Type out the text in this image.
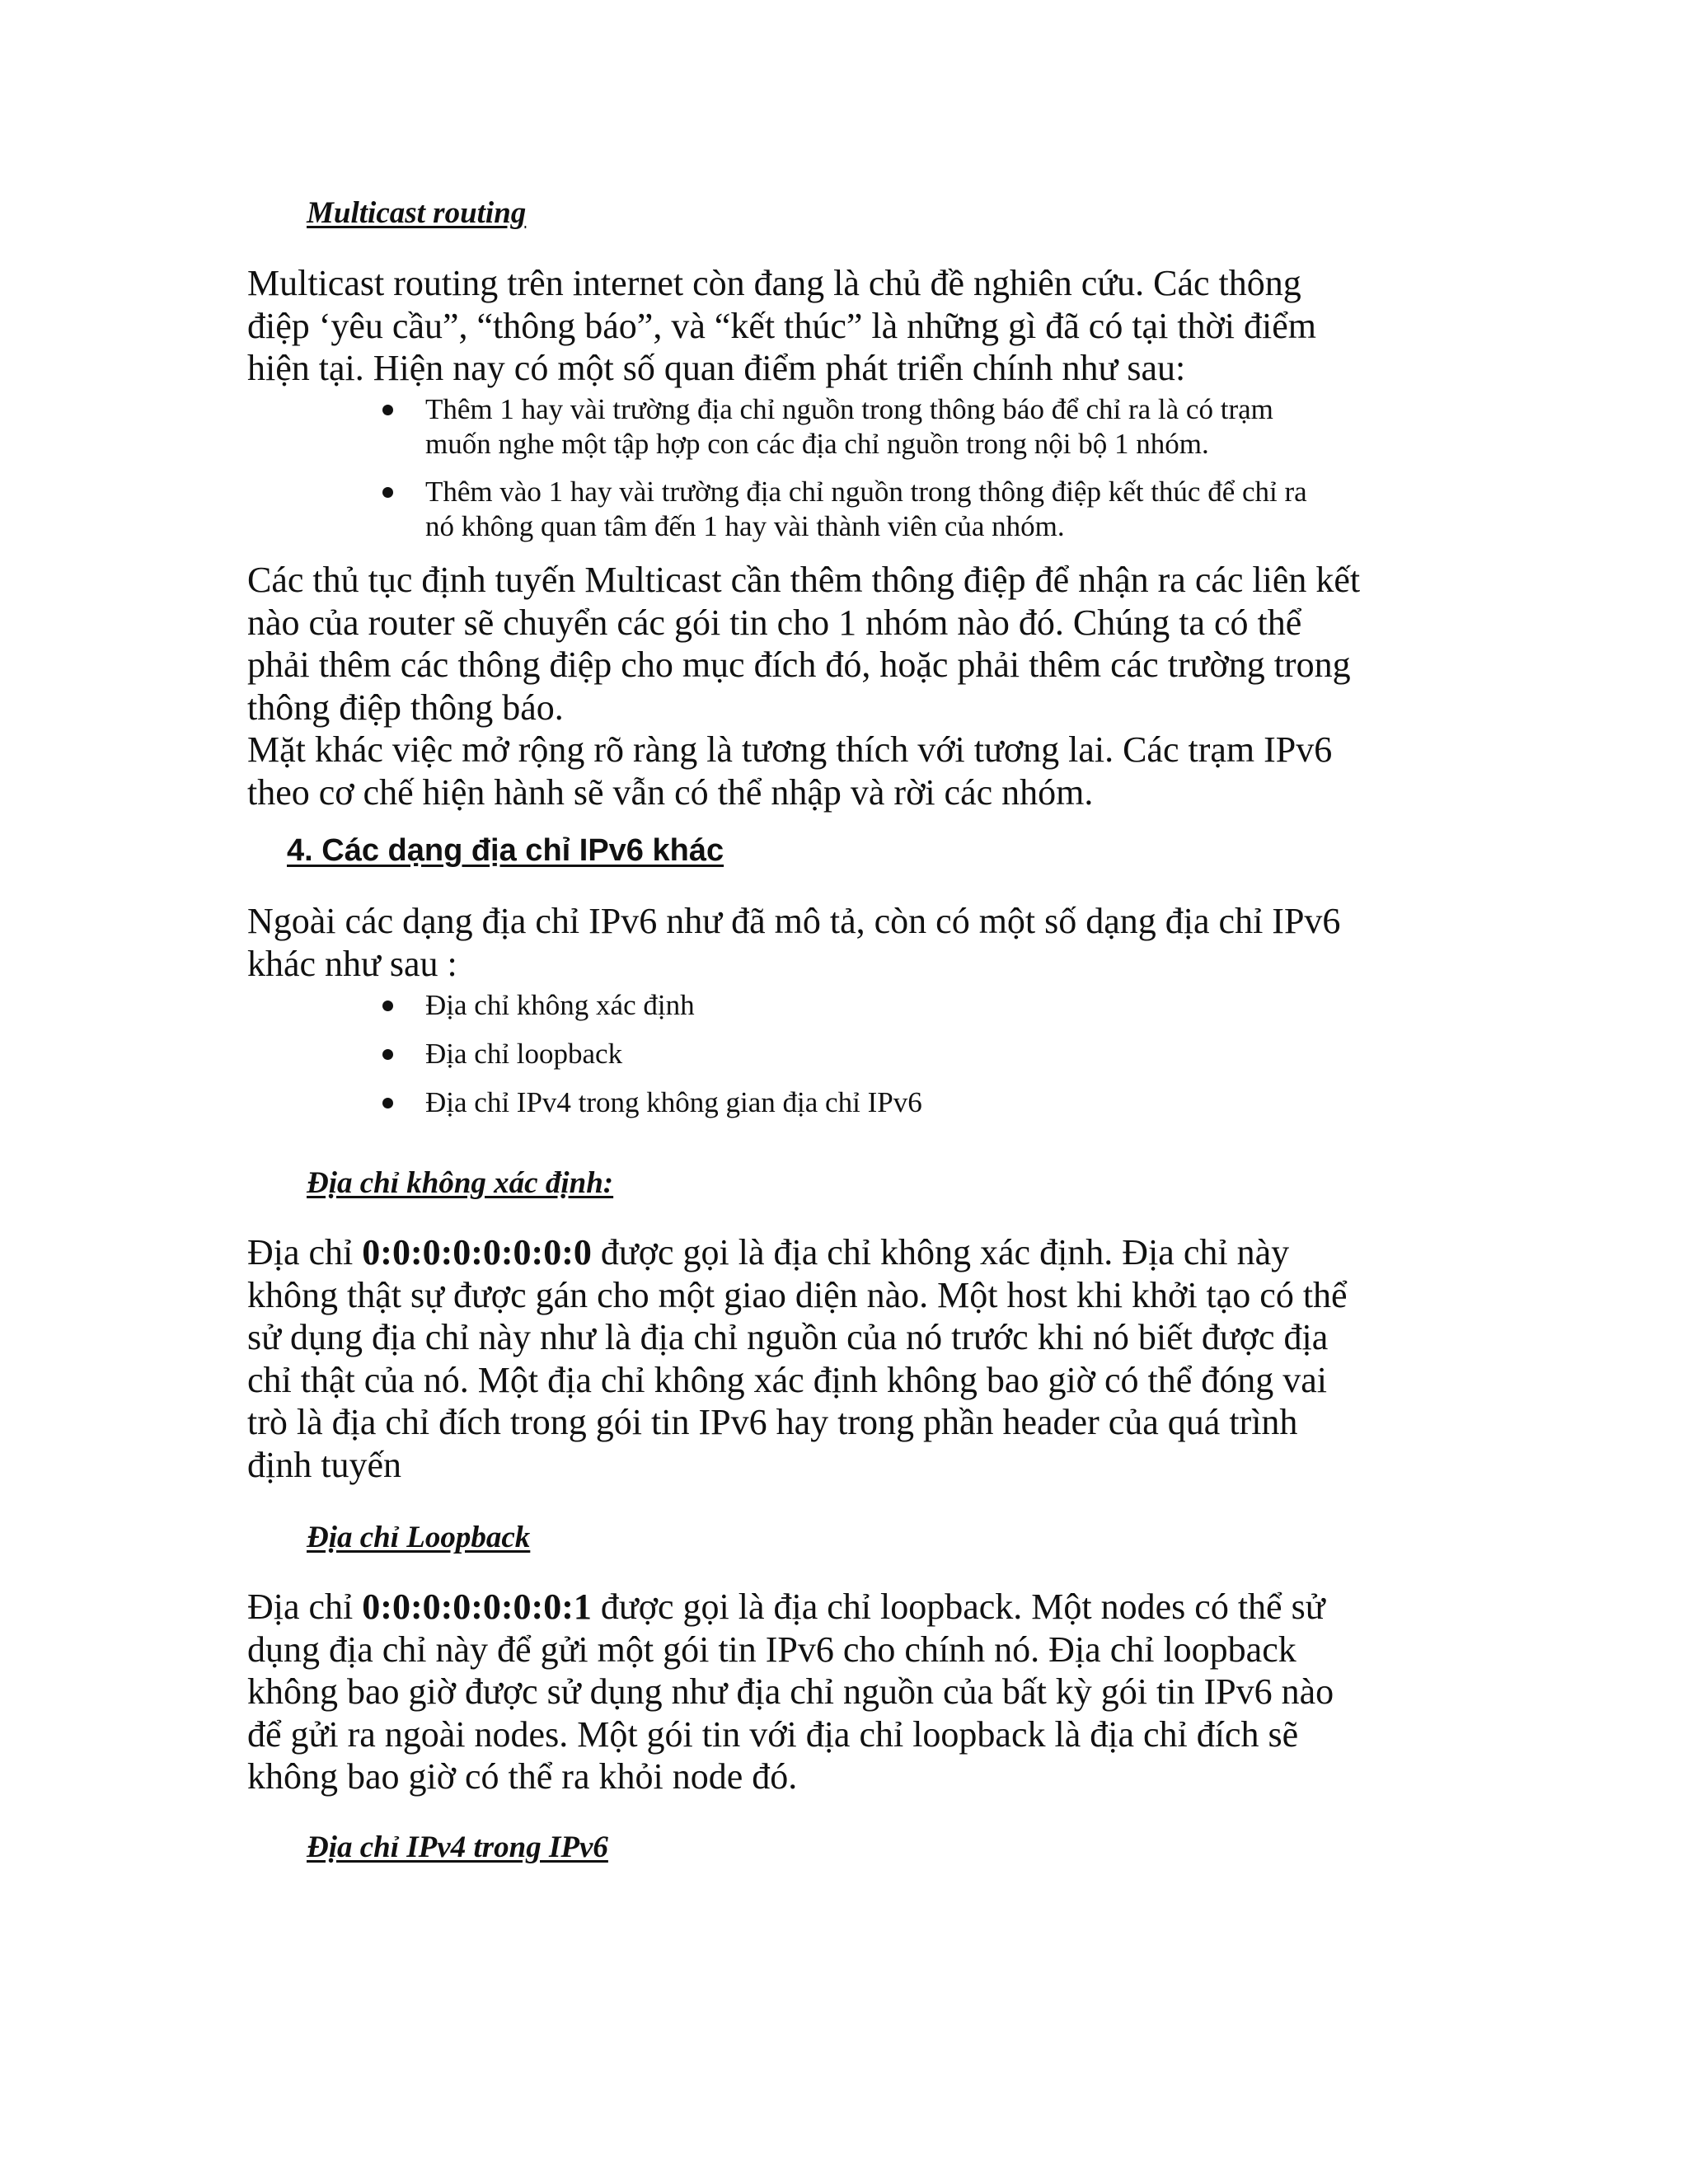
Multicast routing

Multicast routing trên internet còn đang là chủ đề nghiên cứu. Các thông
điệp ‘yêu cầu”, “thông báo”, và “kết thúc” là những gì đã có tại thời điểm
hiện tại. Hiện nay có một số quan điểm phát triển chính như sau:

Thêm 1 hay vài trường địa chỉ nguồn trong thông báo để chỉ ra là có trạm
muốn nghe một tập hợp con các địa chỉ nguồn trong nội bộ 1 nhóm.
Thêm vào 1 hay vài trường địa chỉ nguồn trong thông điệp kết thúc để chỉ ra
nó không quan tâm đến 1 hay vài thành viên của nhóm.

Các thủ tục định tuyến Multicast cần thêm thông điệp để nhận ra các liên kết
nào của router sẽ chuyển các gói tin cho 1 nhóm nào đó. Chúng ta có thể
phải thêm các thông điệp cho mục đích đó, hoặc phải thêm các trường trong
thông điệp thông báo.
Mặt khác việc mở rộng rõ ràng là tương thích với tương lai. Các trạm IPv6
theo cơ chế hiện hành sẽ vẫn có thể nhập và rời các nhóm.

4. Các dạng địa chỉ IPv6 khác

Ngoài các dạng địa chỉ IPv6 như đã mô tả, còn có một số dạng địa chỉ IPv6
khác như sau :

Địa chỉ không xác định
Địa chỉ loopback
Địa chỉ IPv4 trong không gian địa chỉ IPv6
Địa chỉ không xác định:

Địa chỉ 0:0:0:0:0:0:0:0 được gọi là địa chỉ không xác định. Địa chỉ này
không thật sự được gán cho một giao diện nào. Một host khi khởi tạo có thể
sử dụng địa chỉ này như là địa chỉ nguồn của nó trước khi nó biết được địa
chỉ thật của nó. Một địa chỉ không xác định không bao giờ có thể đóng vai
trò là địa chỉ đích trong gói tin IPv6 hay trong phần header của quá trình
định tuyến

Địa chỉ Loopback

Địa chỉ 0:0:0:0:0:0:0:1 được gọi là địa chỉ loopback. Một nodes có thể sử
dụng địa chỉ này để gửi một gói tin IPv6 cho chính nó. Địa chỉ loopback
không bao giờ được sử dụng như địa chỉ nguồn của bất kỳ gói tin IPv6 nào
để gửi ra ngoài nodes. Một gói tin với địa chỉ loopback là địa chỉ đích sẽ
không bao giờ có thể ra khỏi node đó.

Địa chỉ IPv4 trong IPv6
